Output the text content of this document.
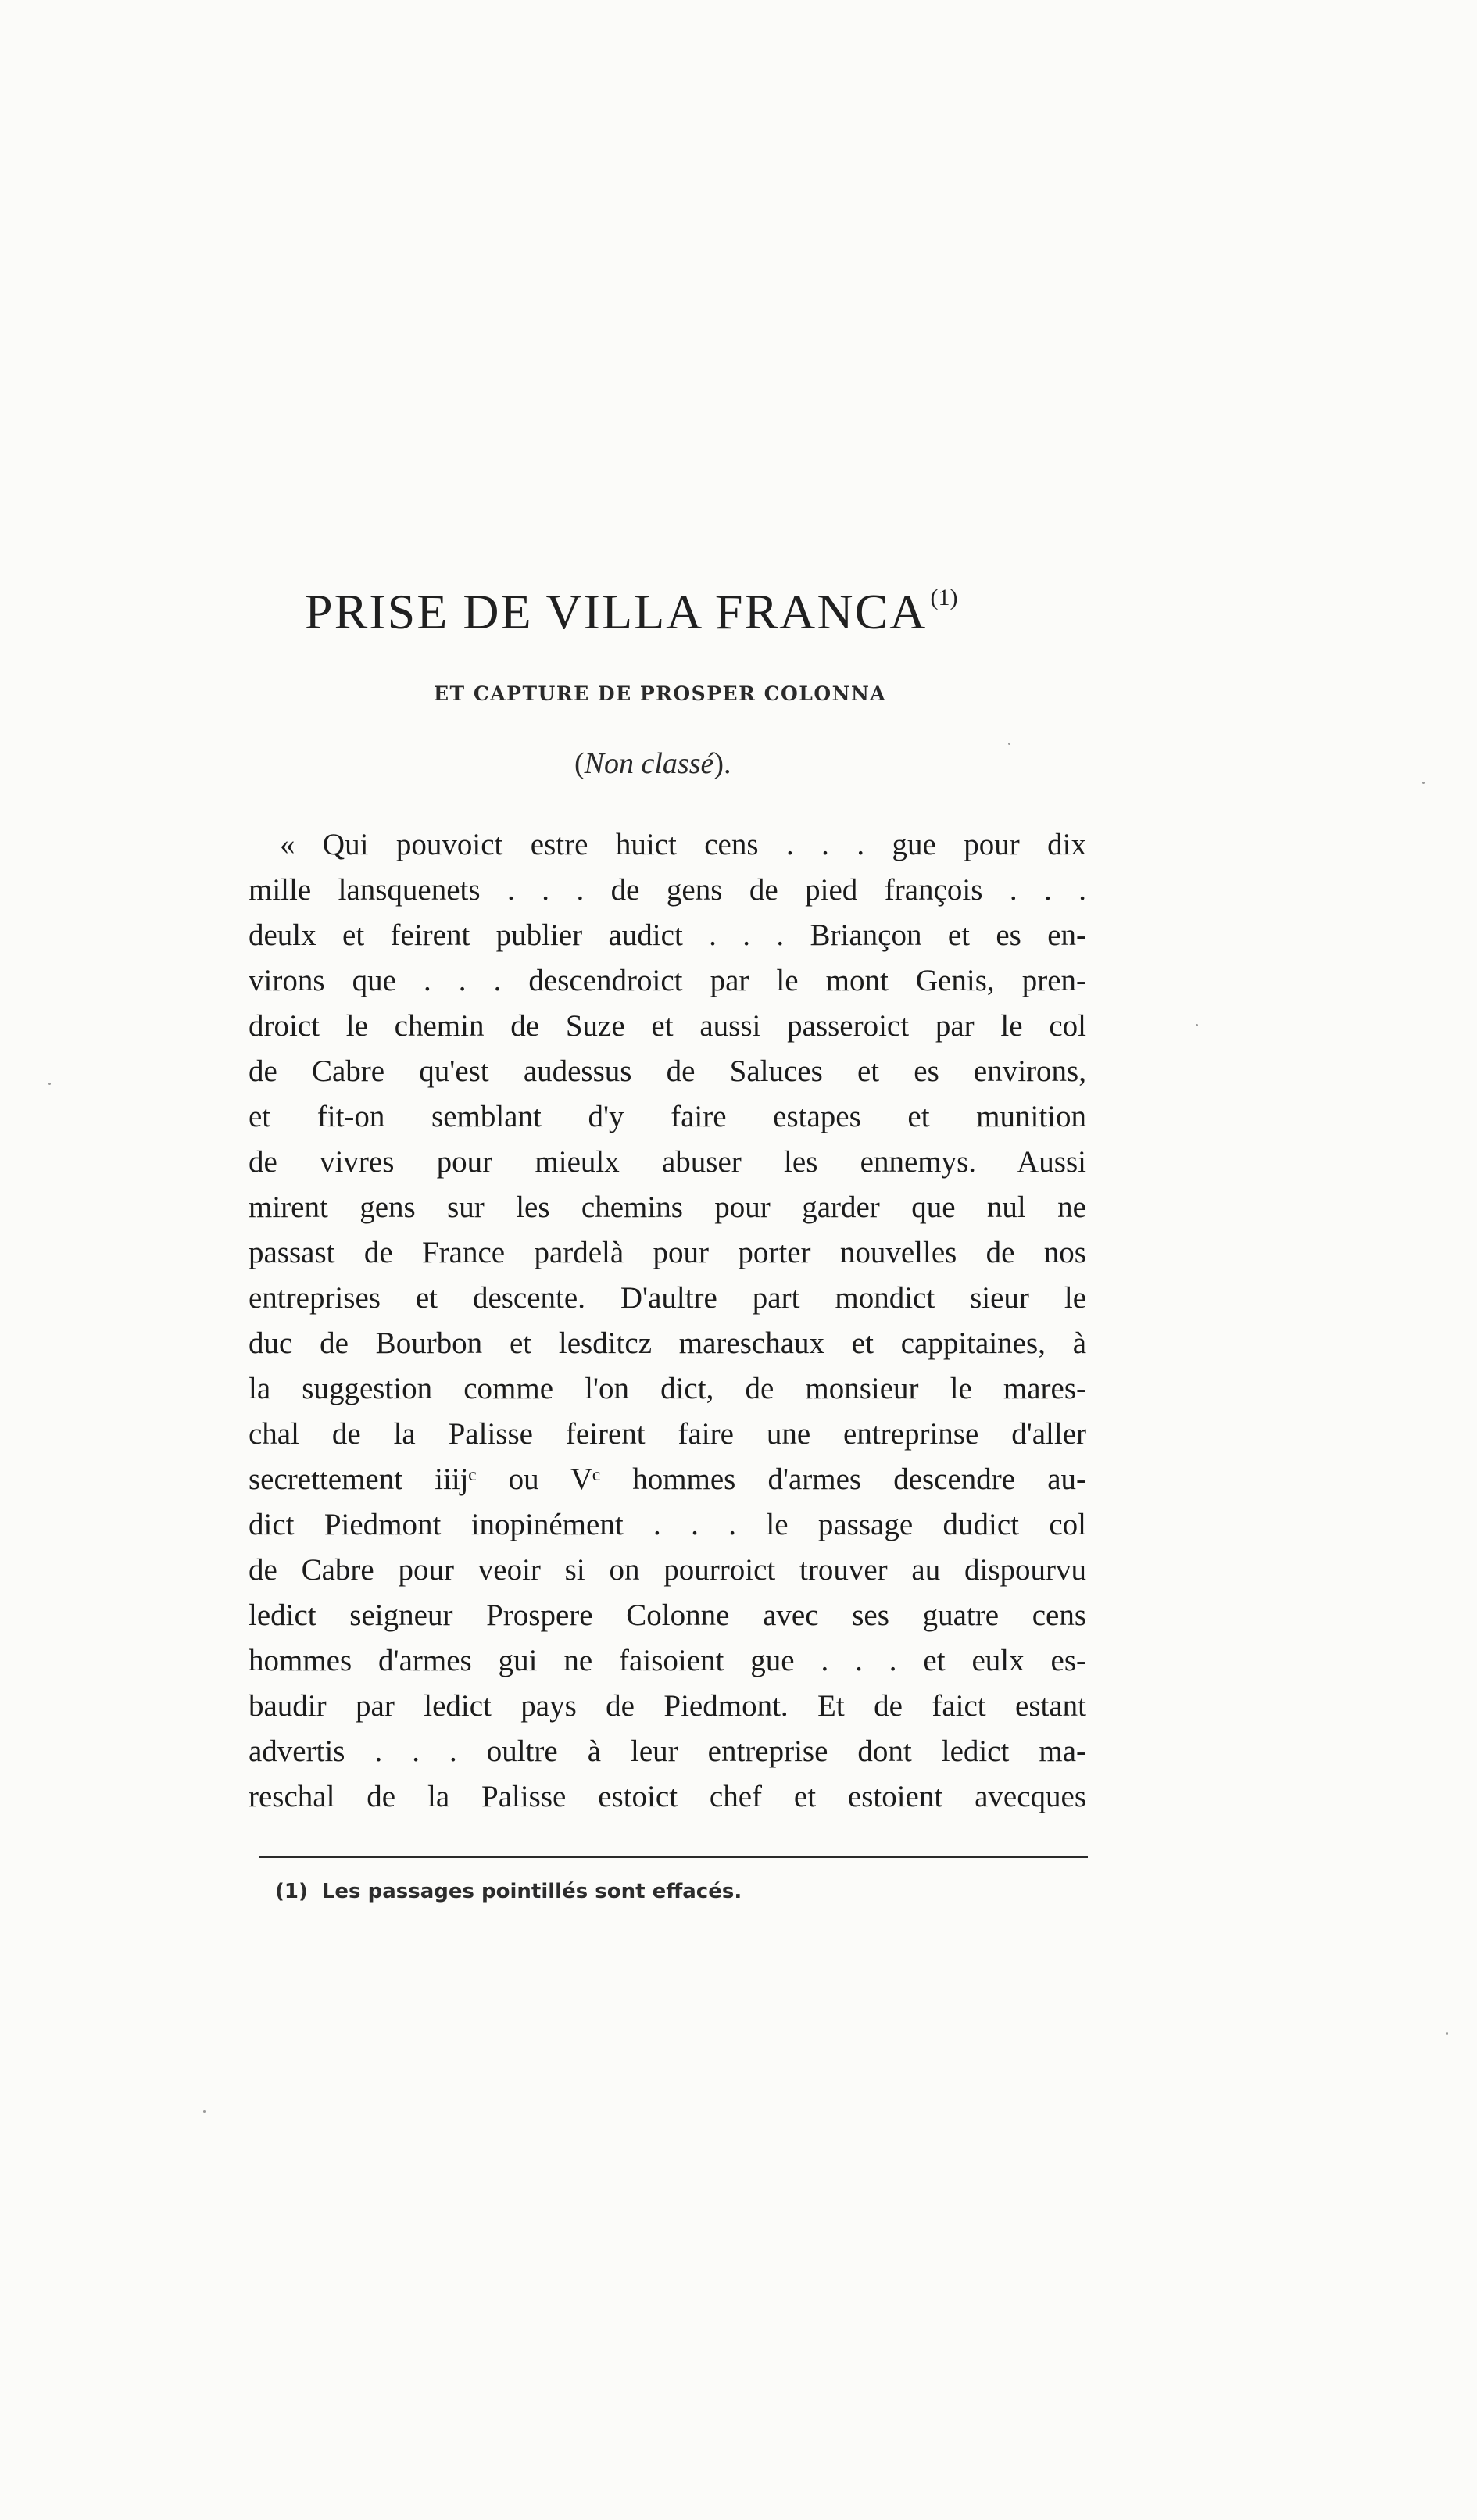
PRISE DE VILLA FRANCA $^{(1)}$
ET CAPTURE DE PROSPER COLONNA

(Non classé).

« Qui pouvoict estre huict cens . . . gue pour dix
mille lansquenets . . . de gens de pied françois . . .
deulx et feirent publier audict . . . Briançon et es en-
virons que . . . descendroict par le mont Genis, pren-
droict le chemin de Suze et aussi passeroict par le col
de Cabre qu'est audessus de Saluces et es environs,
et fit-on semblant d'y faire estapes et munition
de vivres pour mieulx abuser les ennemys. Aussi
mirent gens sur les chemins pour garder que nul ne
passast de France pardelà pour porter nouvelles de nos
entreprises et descente. D'aultre part mondict sieur le
duc de Bourbon et lesditcz mareschaux et cappitaines, à
la suggestion comme l'on dict, de monsieur le mares-
chal de la Palisse feirent faire une entreprinse d'aller
secrettement iiijᶜ ou Vᶜ hommes d'armes descendre au-
dict Piedmont inopinément . . . le passage dudict col
de Cabre pour veoir si on pourroict trouver au dispourvu
ledict seigneur Prospere Colonne avec ses guatre cens
hommes d'armes gui ne faisoient gue . . . et eulx es-
baudir par ledict pays de Piedmont. Et de faict estant
advertis . . . oultre à leur entreprise dont ledict ma-
reschal de la Palisse estoict chef et estoient avecques

(1) Les passages pointillés sont effacés.
